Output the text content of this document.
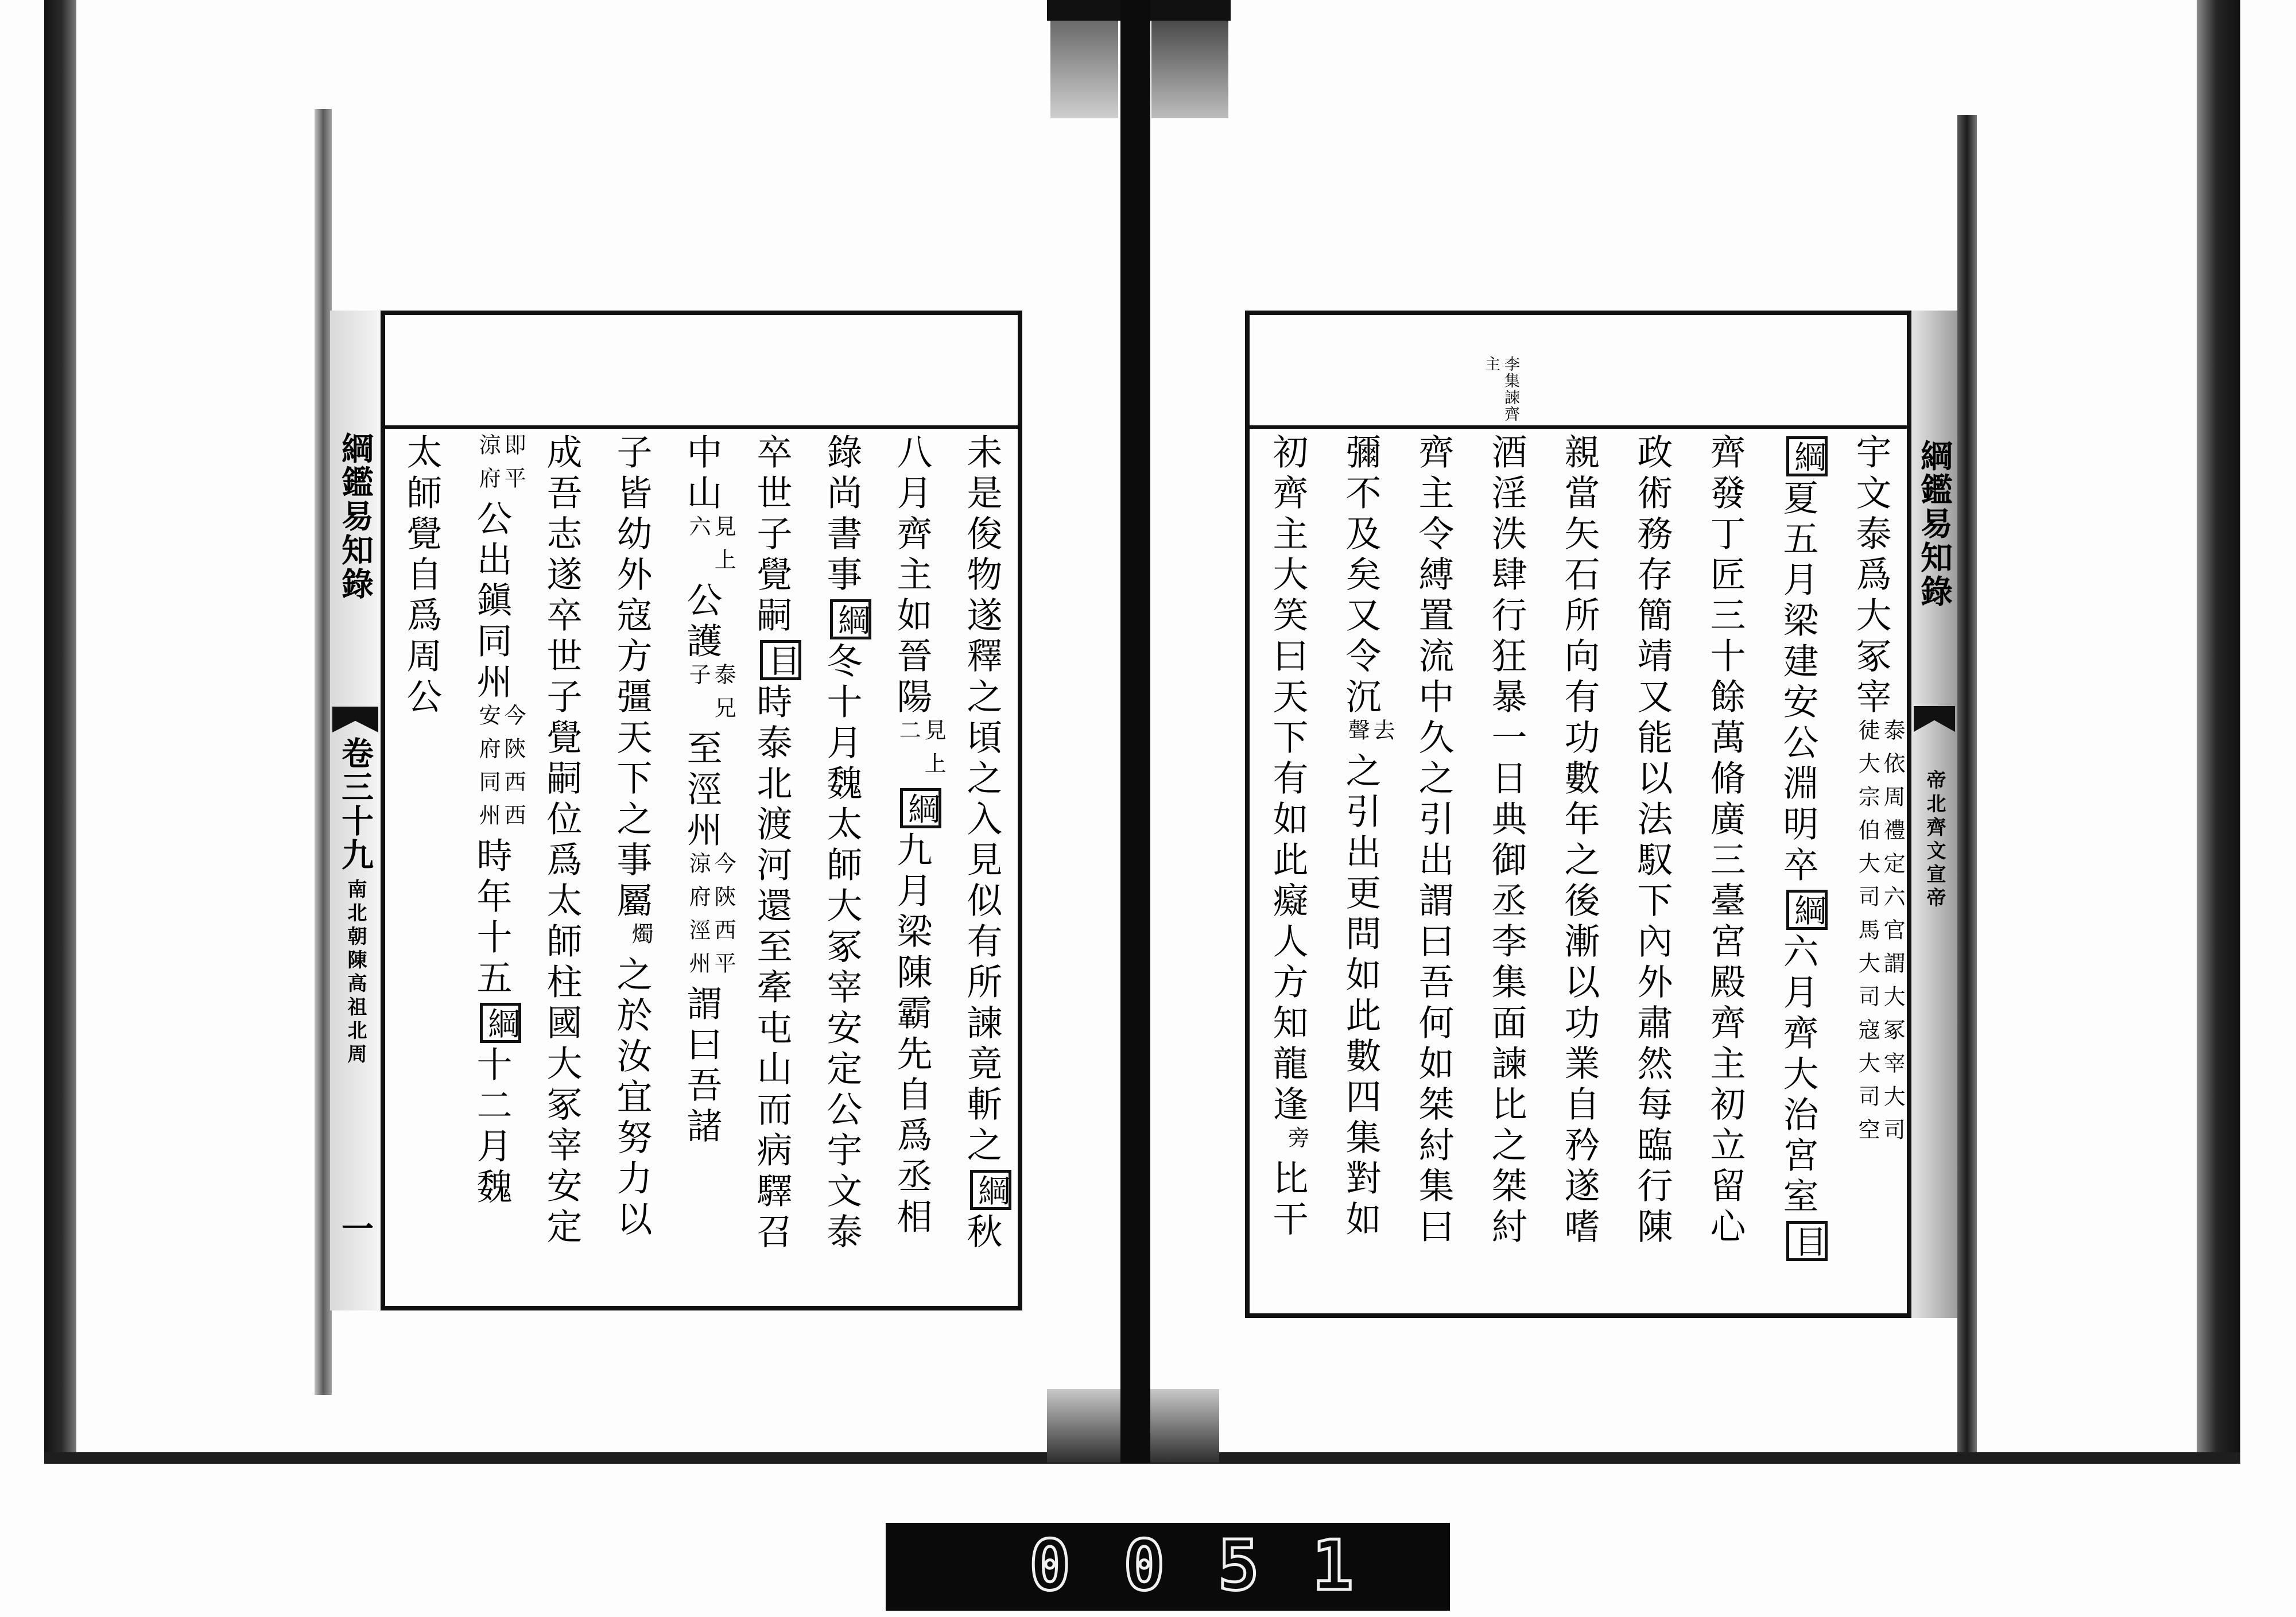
綱鑑易知錄
卷三十九
南北朝陳高祖北周
一
未是俊物遂釋之頃之入見似有所諫竟斬之綱秋
八月齊主如晉陽
見上
二
綱九月梁陳霸先自爲丞相
錄尚書事綱冬十月魏太師大冢宰安定公宇文泰
卒世子覺嗣目時泰北渡河還至牽屯山而病驛召
中山
見上
六
公護
泰兄
子
至涇州
今陝西平
涼府涇州
謂曰吾諸
子皆幼外寇方彊天下之事屬
燭
之於汝宜努力以
成吾志遂卒世子覺嗣位爲太師柱國大冢宰安定
即平
涼府
公出鎭同州
今陝西西
安府同州
時年十五綱十二月魏
太師覺自爲周公
李集諫齊
主
宇文泰爲大冢宰
泰依周禮定六官謂大冢宰大司
徒大宗伯大司馬大司寇大司空
綱夏五月梁建安公淵明卒綱六月齊大治宮室目
齊發丁匠三十餘萬脩廣三臺宮殿齊主初立留心
政術務存簡靖又能以法馭下內外肅然每臨行陳
親當矢石所向有功數年之後漸以功業自矜遂嗜
酒淫泆肆行狂暴一日典御丞李集面諫比之桀紂
齊主令縛置流中久之引出謂曰吾何如桀紂集曰
彌不及矣又令沉
去
聲
之引出更問如此數四集對如
初齊主大笑曰天下有如此癡人方知龍逢
旁
比干
綱鑑易知錄
帝北齊文宣帝
0051
